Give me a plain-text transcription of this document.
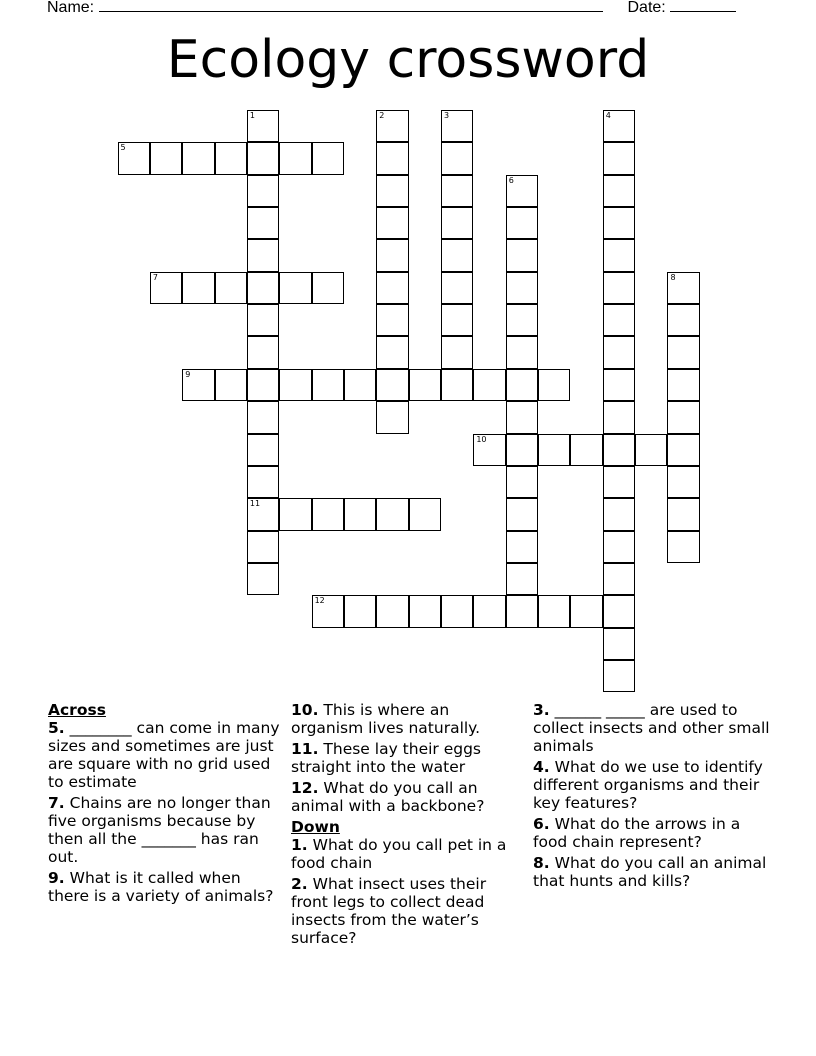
Name:	Date:
Ecology crossword
1
11
2	3	4
5
6
7	8
9
10
12
Across
5. ________ can come in many sizes and sometimes are just are square with no grid used to estimate
7. Chains are no longer than five organisms because by then all the _______ has ran out.
9. What is it called when there is a variety of animals?
10. This is where an organism lives naturally.
11. These lay their eggs straight into the water
12. What do you call an animal with a backbone?
Down
1. What do you call pet in a food chain
2. What insect uses their front legs to collect dead insects from the water’s surface?
3. ______ _____ are used to collect insects and other small animals
4. What do we use to identify different organisms and their key features?
6. What do the arrows in a food chain represent?
8. What do you call an animal that hunts and kills?
